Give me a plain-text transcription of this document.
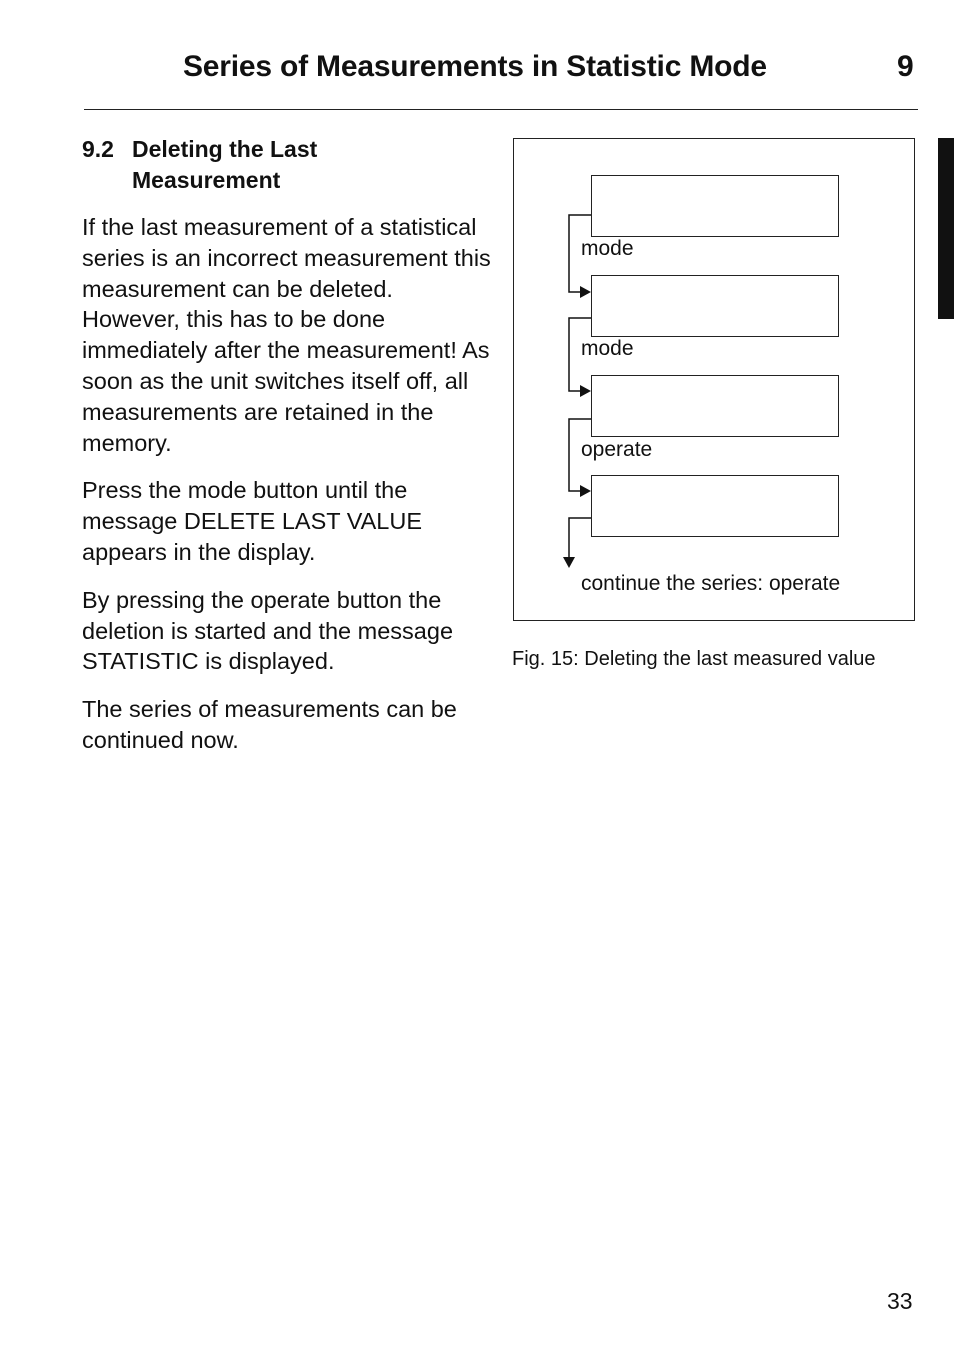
Series of Measurements in Statistic Mode	9
9.2 Deleting the Last Measurement

If the last measurement of a statistical series is an incorrect measurement this measurement can be deleted. However, this has to be done immediately after the measurement! As soon as the unit switches itself off, all measurements are retained in the memory.

Press the mode button until the message DELETE LAST VALUE appears in the display.

By pressing the operate button the deletion is started and the message STATISTIC is displayed.

The series of measurements can be continued now.

mode

mode

operate

continue the series: operate
Fig. 15: Deleting the last measured value
33
